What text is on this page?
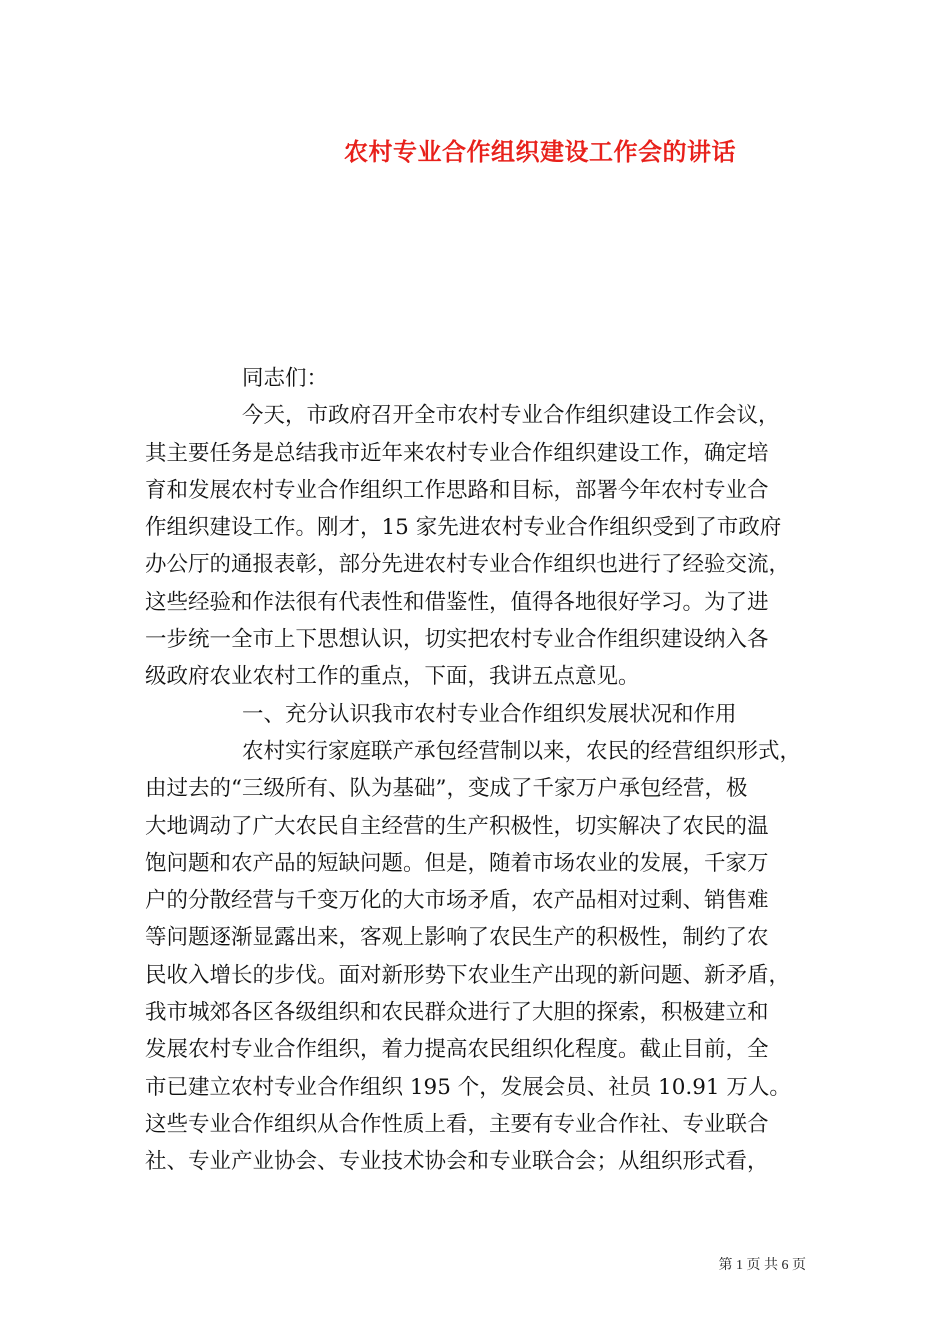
农村专业合作组织建设工作会的讲话
同志们：
今天，市政府召开全市农村专业合作组织建设工作会议，
其主要任务是总结我市近年来农村专业合作组织建设工作，确定培
育和发展农村专业合作组织工作思路和目标，部署今年农村专业合
作组织建设工作。刚才，15 家先进农村专业合作组织受到了市政府
办公厅的通报表彰，部分先进农村专业合作组织也进行了经验交流，
这些经验和作法很有代表性和借鉴性，值得各地很好学习。为了进
一步统一全市上下思想认识，切实把农村专业合作组织建设纳入各
级政府农业农村工作的重点，下面，我讲五点意见。
一、充分认识我市农村专业合作组织发展状况和作用
农村实行家庭联产承包经营制以来，农民的经营组织形式，
由过去的“三级所有、队为基础”，变成了千家万户承包经营，极
大地调动了广大农民自主经营的生产积极性，切实解决了农民的温
饱问题和农产品的短缺问题。但是，随着市场农业的发展，千家万
户的分散经营与千变万化的大市场矛盾，农产品相对过剩、销售难
等问题逐渐显露出来，客观上影响了农民生产的积极性，制约了农
民收入增长的步伐。面对新形势下农业生产出现的新问题、新矛盾，
我市城郊各区各级组织和农民群众进行了大胆的探索，积极建立和
发展农村专业合作组织，着力提高农民组织化程度。截止目前，全
市已建立农村专业合作组织 195 个，发展会员、社员 10.91 万人。
这些专业合作组织从合作性质上看，主要有专业合作社、专业联合
社、专业产业协会、专业技术协会和专业联合会；从组织形式看，
第 1 页 共 6 页
